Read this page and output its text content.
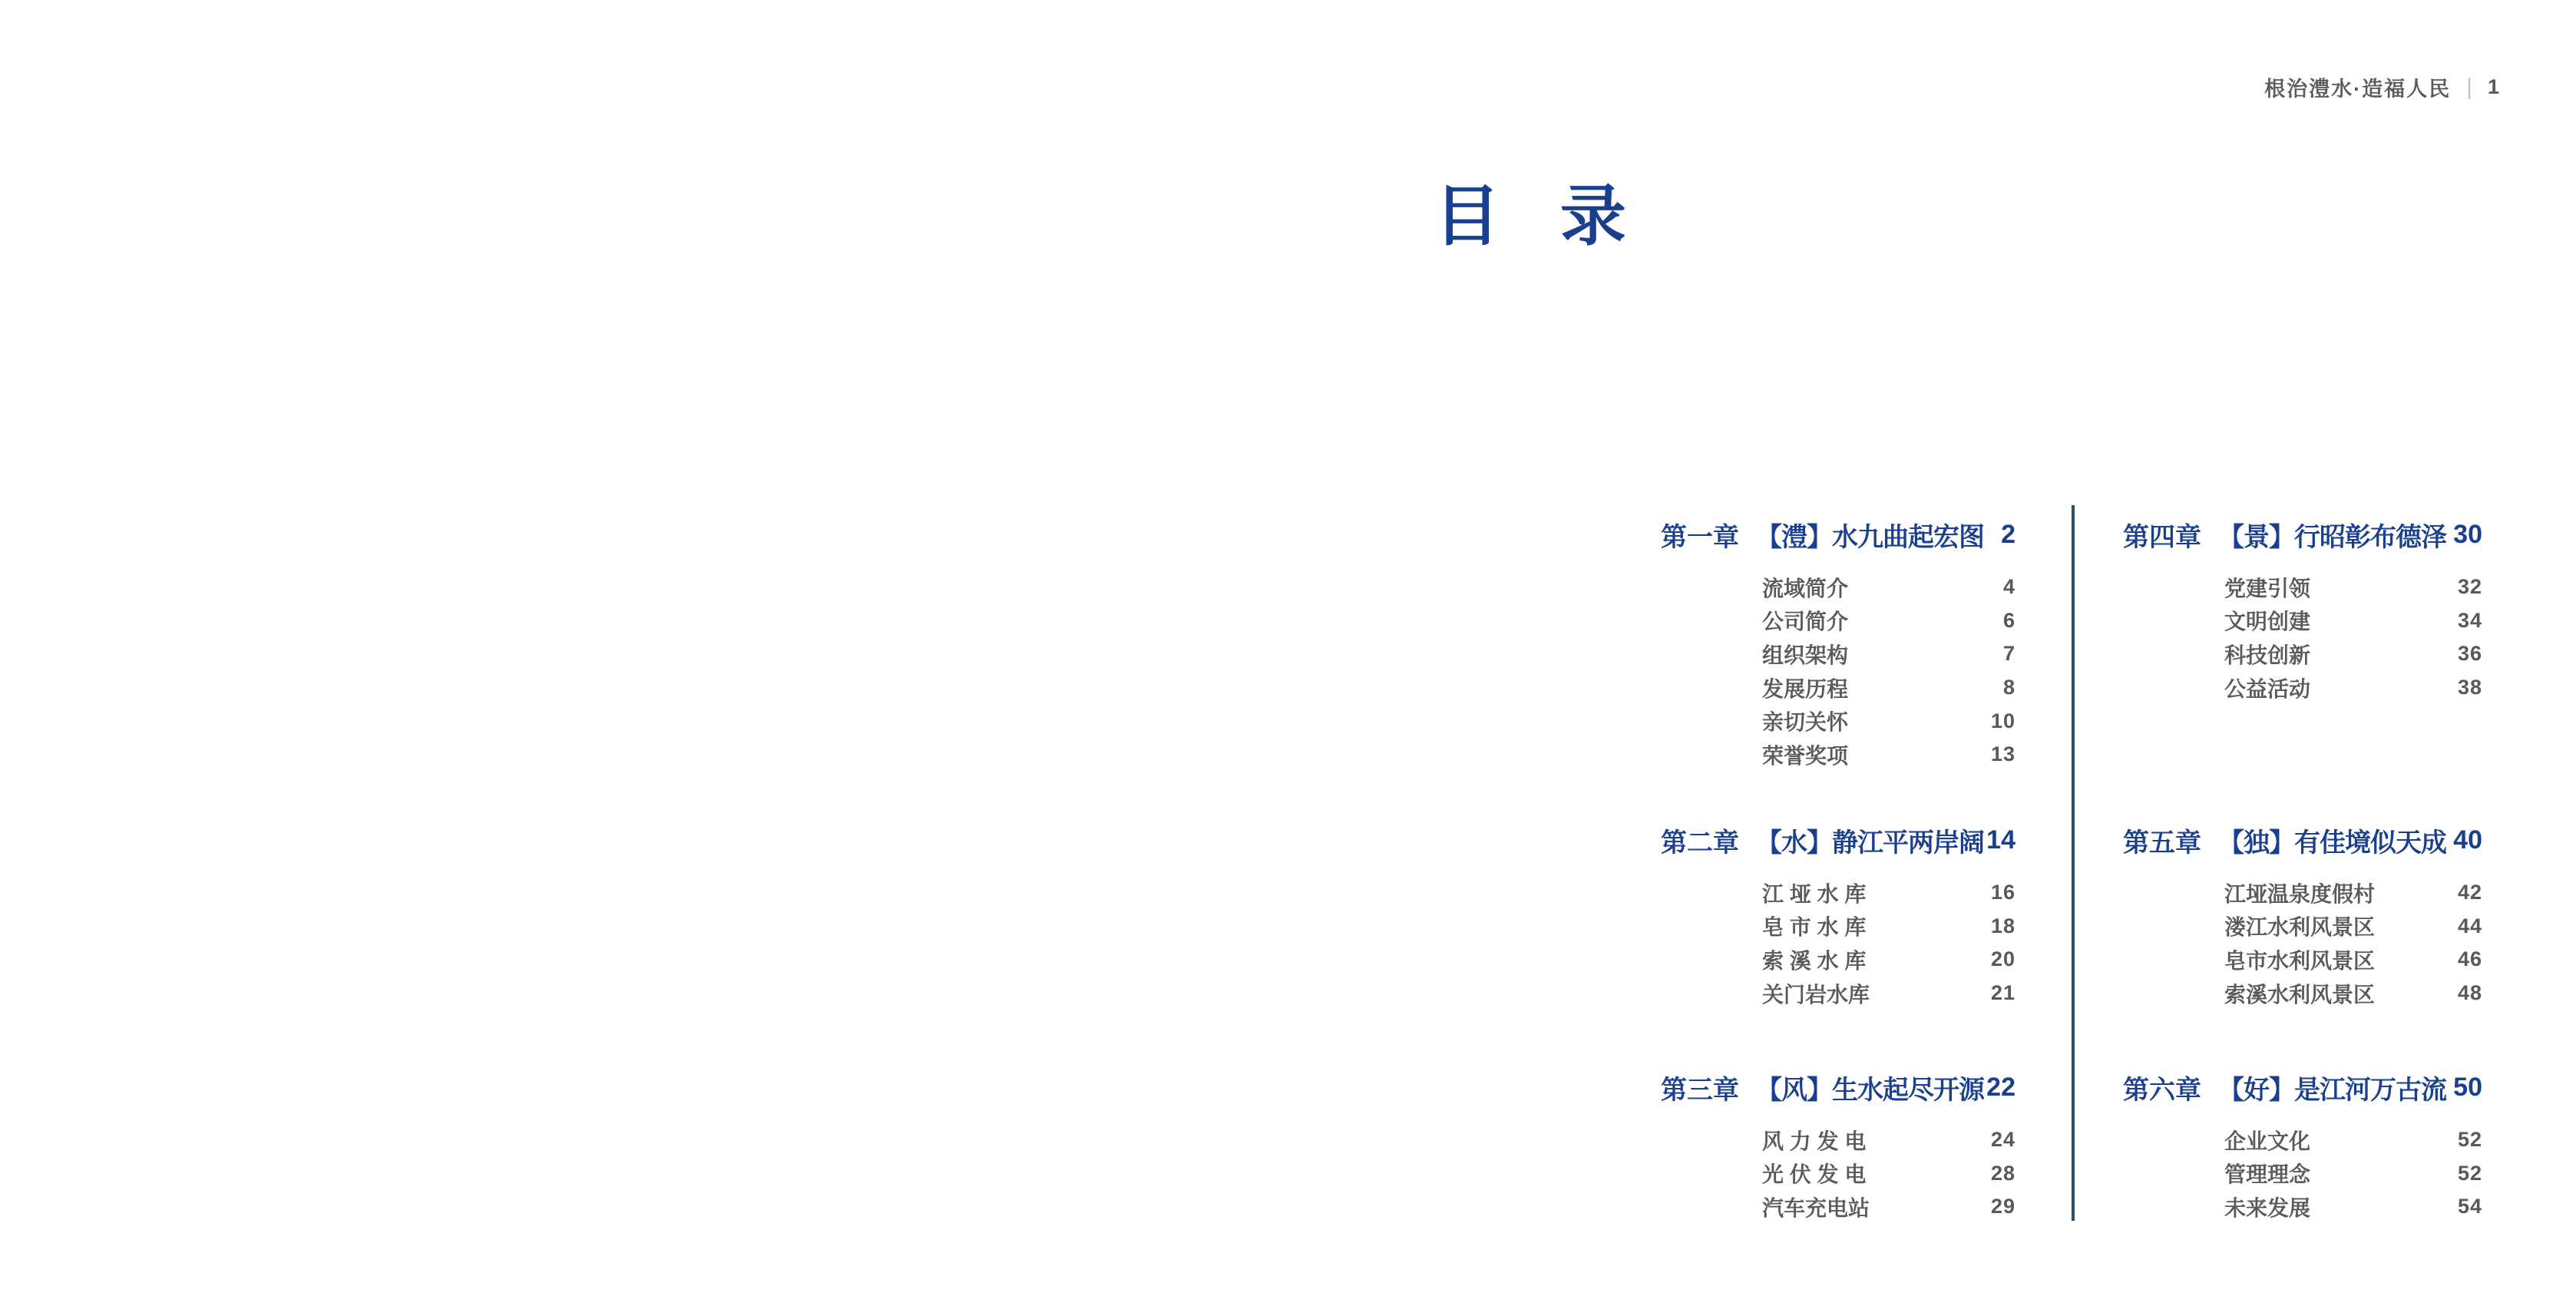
根治澧水·造福人民 | 1
目 录
第一章 【澧】水九曲起宏图 2
流域简介	4
公司简介	6
组织架构	7
发展历程	8
亲切关怀	10
荣誉奖项	13
第二章 【水】静江平两岸阔 14
江 垭 水 库	16
皂 市 水 库	18
索 溪 水 库	20
关门岩水库	21
第三章 【风】生水起尽开源 22
风 力 发 电	24
光 伏 发 电	28
汽车充电站	29
第四章 【景】行昭彰布德泽 30
党建引领	32
文明创建	34
科技创新	36
公益活动	38
第五章 【独】有佳境似天成 40
江垭温泉度假村	42
溇江水利风景区	44
皂市水利风景区	46
索溪水利风景区	48
第六章 【好】是江河万古流 50
企业文化	52
管理理念	52
未来发展	54
